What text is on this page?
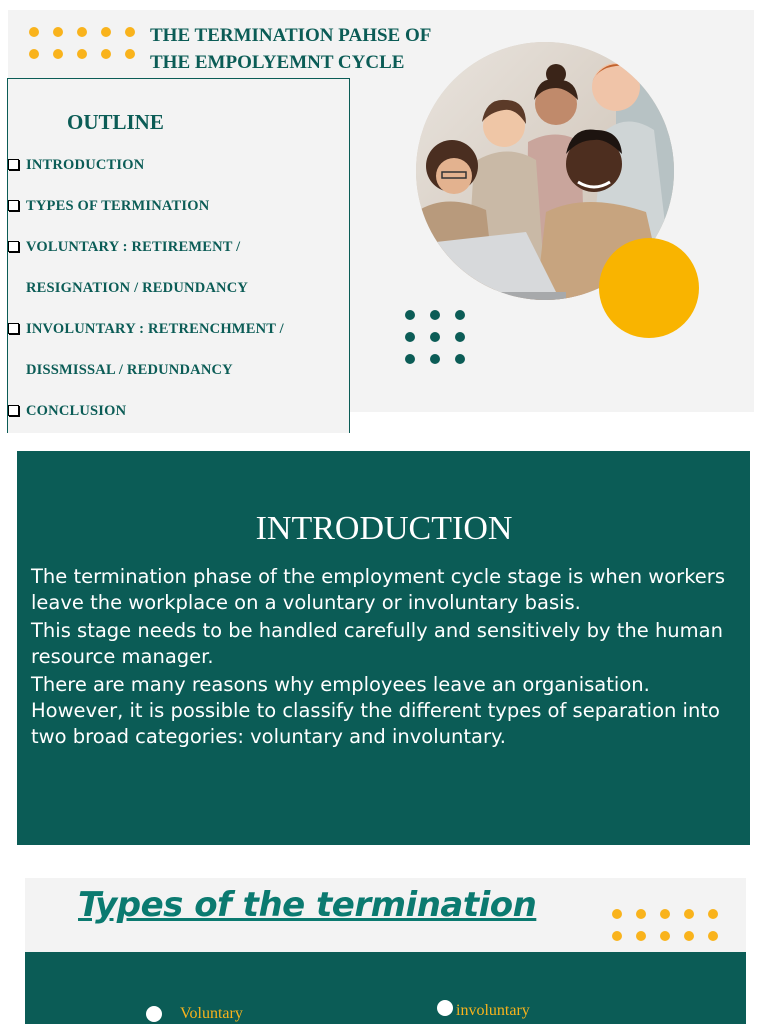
THE TERMINATION PAHSE OF
THE EMPOLYEMNT CYCLE
OUTLINE
INTRODUCTION
TYPES OF TERMINATION
VOLUNTARY : RETIREMENT /
RESIGNATION / REDUNDANCY
INVOLUNTARY : RETRENCHMENT /
DISSMISSAL / REDUNDANCY
CONCLUSION
INTRODUCTION

The termination phase of the employment cycle stage is when workers leave the workplace on a voluntary or involuntary basis.

This stage needs to be handled carefully and sensitively by the human resource manager.

There are many reasons why employees leave an organisation. However, it is possible to classify the different types of separation into two broad categories: voluntary and involuntary.

Types of the termination
Voluntary	involuntary
